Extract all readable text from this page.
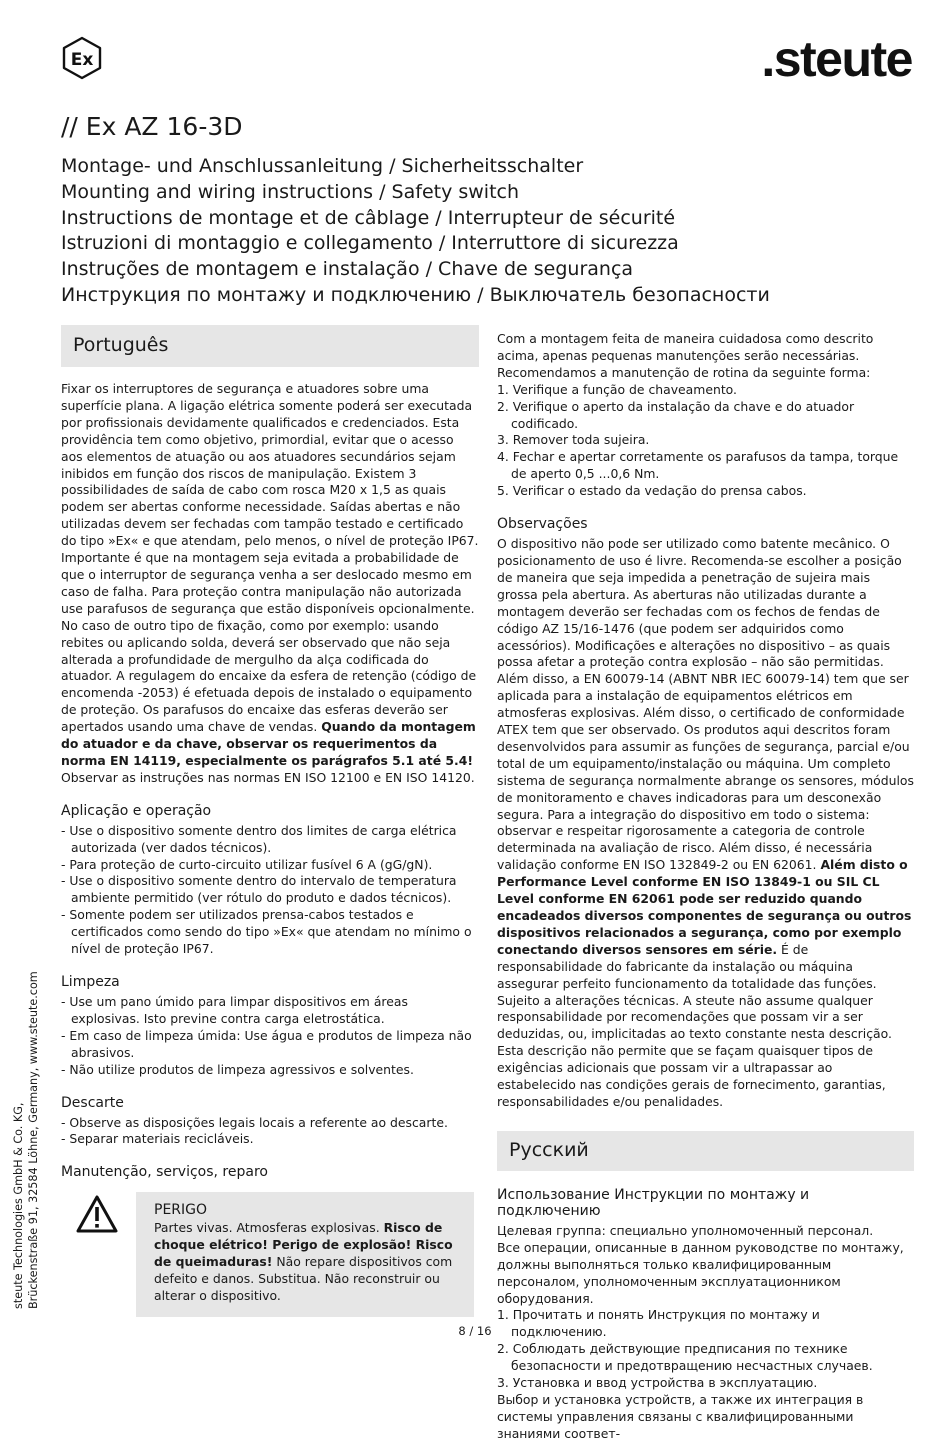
Ex	.steute
// Ex AZ 16-3D
Montage- und Anschlussanleitung / Sicherheitsschalter
Mounting and wiring instructions / Safety switch
Instructions de montage et de câblage / Interrupteur de sécurité
Istruzioni di montaggio e collegamento / Interruttore di sicurezza
Instruções de montagem e instalação / Chave de segurança
Инструкция по монтажу и подключению / Выключатель безопасности
Português

Fixar os interruptores de segurança e atuadores sobre uma superfície plana. A ligação elétrica somente poderá ser executada por profissionais devidamente qualificados e credenciados. Esta providência tem como objetivo, primordial, evitar que o acesso aos elementos de atuação ou aos atuadores secundários sejam inibidos em função dos riscos de manipulação. Existem 3 possibilidades de saída de cabo com rosca M20 x 1,5 as quais podem ser abertas conforme necessidade. Saídas abertas e não utilizadas devem ser fechadas com tampão testado e certificado do tipo »Ex« e que atendam, pelo menos, o nível de proteção IP67. Importante é que na montagem seja evitada a probabilidade de que o interruptor de segurança venha a ser deslocado mesmo em caso de falha. Para proteção contra manipulação não autorizada use parafusos de segurança que estão disponíveis opcionalmente. No caso de outro tipo de fixação, como por exemplo: usando rebites ou aplicando solda, deverá ser observado que não seja alterada a profundidade de mergulho da alça codificada do atuador. A regulagem do encaixe da esfera de retenção (código de encomenda -2053) é efetuada depois de instalado o equipamento de proteção. Os parafusos do encaixe das esferas deverão ser apertados usando uma chave de vendas. Quando da montagem do atuador e da chave, observar os requerimentos da norma EN 14119, especialmente os parágrafos 5.1 até 5.4! Observar as instruções nas normas EN ISO 12100 e EN ISO 14120.

Aplicação e operação
- Use o dispositivo somente dentro dos limites de carga elétrica autorizada (ver dados técnicos).
- Para proteção de curto-circuito utilizar fusível 6 A (gG/gN).
- Use o dispositivo somente dentro do intervalo de temperatura ambiente permitido (ver rótulo do produto e dados técnicos).
- Somente podem ser utilizados prensa-cabos testados e certificados como sendo do tipo »Ex« que atendam no mínimo o nível de proteção IP67.
Limpeza
- Use um pano úmido para limpar dispositivos em áreas explosivas. Isto previne contra carga eletrostática.
- Em caso de limpeza úmida: Use água e produtos de limpeza não abrasivos.
- Não utilize produtos de limpeza agressivos e solventes.
Descarte
- Observe as disposições legais locais a referente ao descarte.
- Separar materiais recicláveis.
Manutenção, serviços, reparo
PERIGO

Partes vivas. Atmosferas explosivas. Risco de choque elétrico! Perigo de explosão! Risco de queimaduras! Não repare dispositivos com defeito e danos. Substitua. Não reconstruir ou alterar o dispositivo.

Com a montagem feita de maneira cuidadosa como descrito acima, apenas pequenas manutenções serão necessárias. Recomendamos a manutenção de rotina da seguinte forma:

1. Verifique a função de chaveamento.
2. Verifique o aperto da instalação da chave e do atuador codificado.
3. Remover toda sujeira.
4. Fechar e apertar corretamente os parafusos da tampa, torque de aperto 0,5 ...0,6 Nm.
5. Verificar o estado da vedação do prensa cabos.
Observações

O dispositivo não pode ser utilizado como batente mecânico. O posicionamento de uso é livre. Recomenda-se escolher a posição de maneira que seja impedida a penetração de sujeira mais grossa pela abertura. As aberturas não utilizadas durante a montagem deverão ser fechadas com os fechos de fendas de código AZ 15/16-1476 (que podem ser adquiridos como acessórios). Modificações e alterações no dispositivo – as quais possa afetar a proteção contra explosão – não são permitidas. Além disso, a EN 60079-14 (ABNT NBR IEC 60079-14) tem que ser aplicada para a instalação de equipamentos elétricos em atmosferas explosivas. Além disso, o certificado de conformidade ATEX tem que ser observado. Os produtos aqui descritos foram desenvolvidos para assumir as funções de segurança, parcial e/ou total de um equipamento/instalação ou máquina. Um completo sistema de segurança normalmente abrange os sensores, módulos de monitoramento e chaves indicadoras para um desconexão segura. Para a integração do dispositivo em todo o sistema: observar e respeitar rigorosamente a categoria de controle determinada na avaliação de risco. Além disso, é necessária validação conforme EN ISO 132849-2 ou EN 62061. Além disto o Performance Level conforme EN ISO 13849-1 ou SIL CL Level conforme EN 62061 pode ser reduzido quando encadeados diversos componentes de segurança ou outros dispositivos relacionados a segurança, como por exemplo conectando diversos sensores em série. É de responsabilidade do fabricante da instalação ou máquina assegurar perfeito funcionamento da totalidade das funções. Sujeito a alterações técnicas. A steute não assume qualquer responsabilidade por recomendações que possam vir a ser deduzidas, ou, implicitadas ao texto constante nesta descrição. Esta descrição não permite que se façam quaisquer tipos de exigências adicionais que possam vir a ultrapassar ao estabelecido nas condições gerais de fornecimento, garantias, responsabilidades e/ou penalidades.

Русский
Использование Инструкции по монтажу и подключению

Целевая группа: специально уполномоченный персонал.

Все операции, описанные в данном руководстве по монтажу, должны выполняться только квалифицированным персоналом, уполномоченным эксплуатационником оборудования.

1. Прочитать и понять Инструкция по монтажу и подключению.
2. Соблюдать действующие предписания по технике безопасности и предотвращению несчастных случаев.
3. Установка и ввод устройства в эксплуатацию.

Выбор и установка устройств, а также их интеграция в системы управления связаны с квалифицированными знаниями соответ-

steute Technologies GmbH & Co. KG, Brückenstraße 91, 32584 Löhne, Germany, www.steute.com
8 / 16
